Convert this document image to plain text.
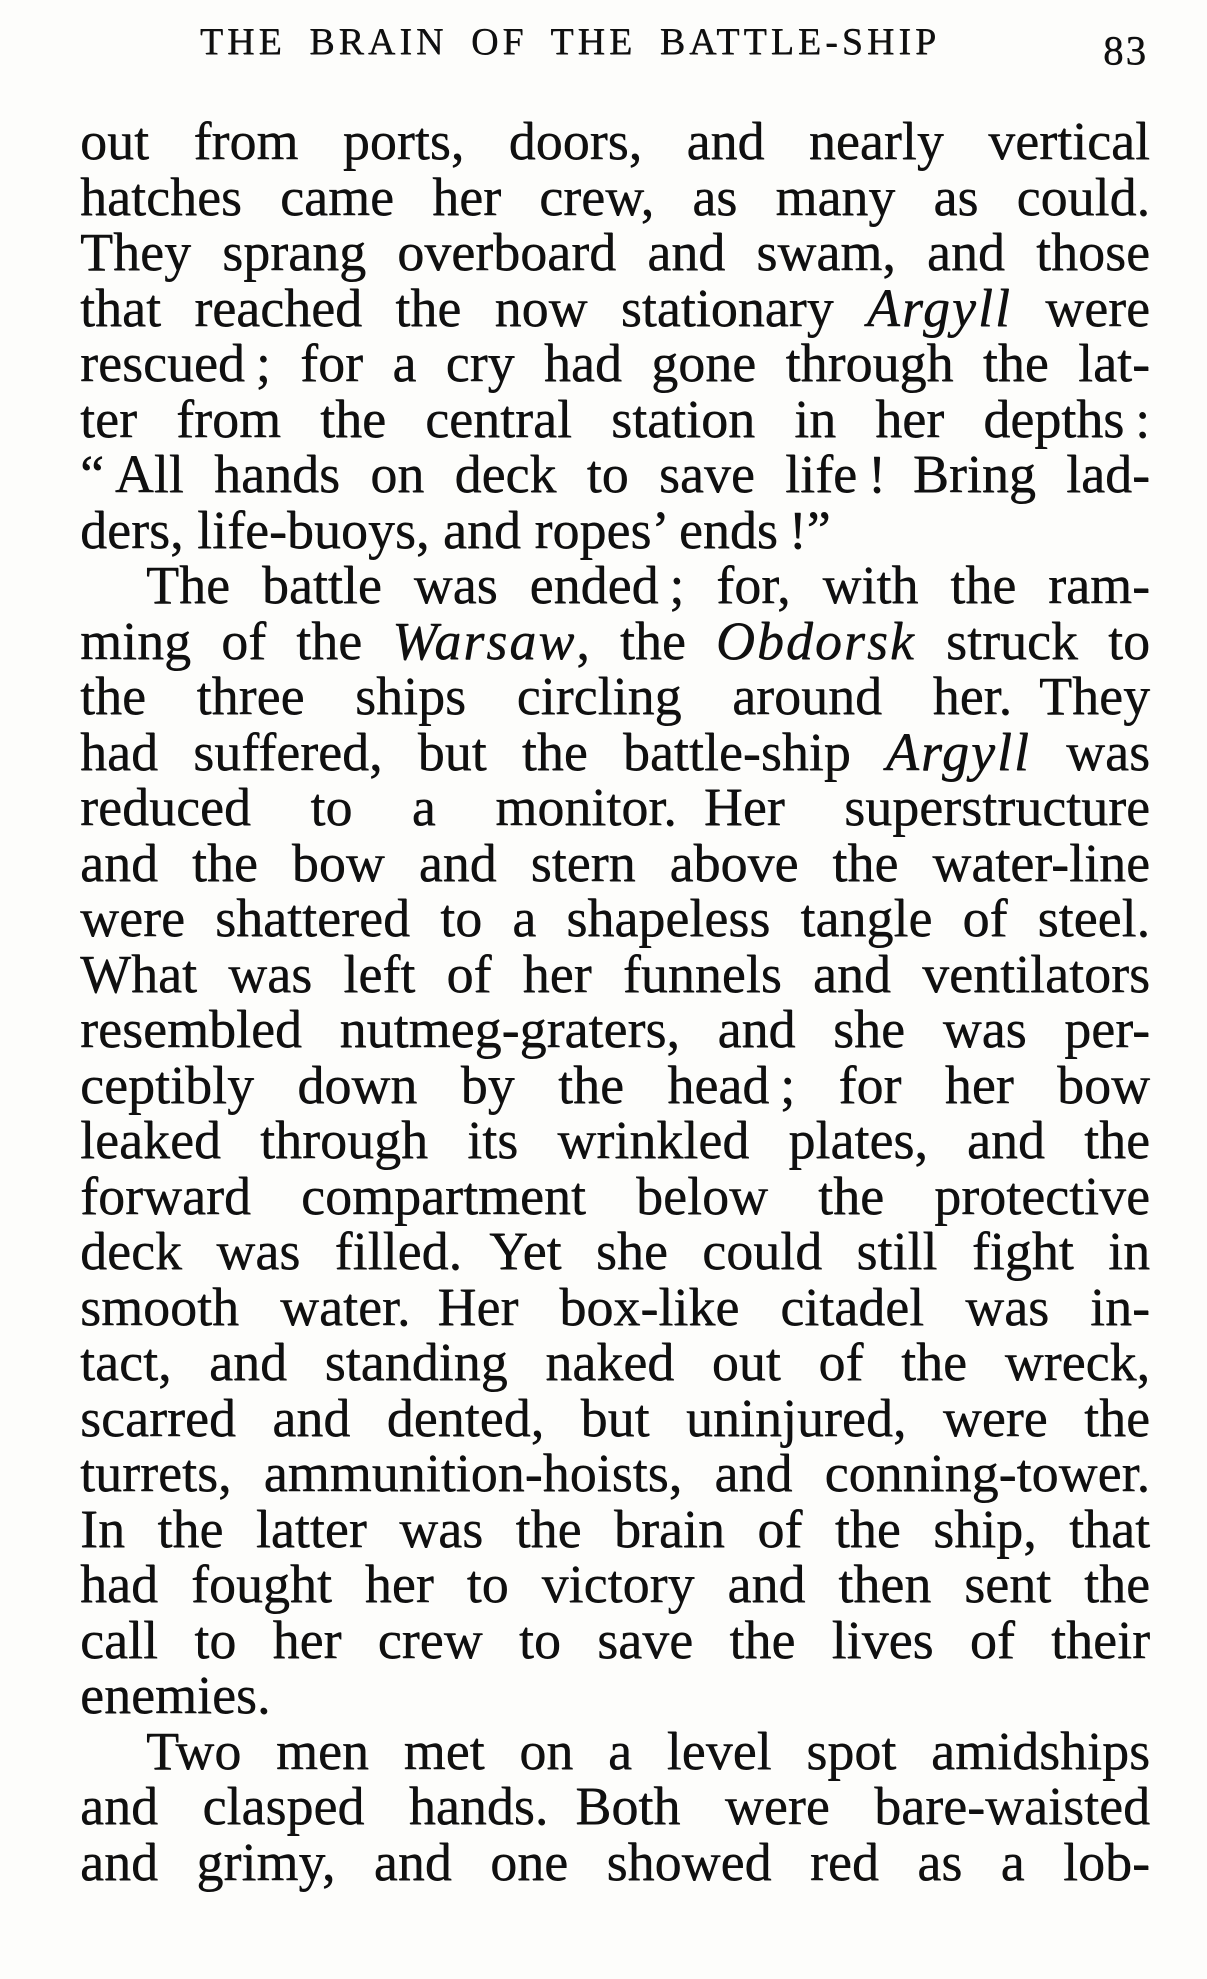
THE BRAIN OF THE BATTLE-SHIP	83
out from ports, doors, and nearly vertical
hatches came her crew, as many as could.
They sprang overboard and swam, and those
that reached the now stationary Argyll were
rescued ; for a cry had gone through the lat-
ter from the central station in her depths :
“ All hands on deck to save life ! Bring lad-
ders, life-buoys, and ropes’ ends !”
The battle was ended ; for, with the ram-
ming of the Warsaw, the Obdorsk struck to
the three ships circling around her. They
had suffered, but the battle-ship Argyll was
reduced to a monitor. Her superstructure
and the bow and stern above the water-line
were shattered to a shapeless tangle of steel.
What was left of her funnels and ventilators
resembled nutmeg-graters, and she was per-
ceptibly down by the head ; for her bow
leaked through its wrinkled plates, and the
forward compartment below the protective
deck was filled. Yet she could still fight in
smooth water. Her box-like citadel was in-
tact, and standing naked out of the wreck,
scarred and dented, but uninjured, were the
turrets, ammunition-hoists, and conning-tower.
In the latter was the brain of the ship, that
had fought her to victory and then sent the
call to her crew to save the lives of their
enemies.
Two men met on a level spot amidships
and clasped hands. Both were bare-waisted
and grimy, and one showed red as a lob-
